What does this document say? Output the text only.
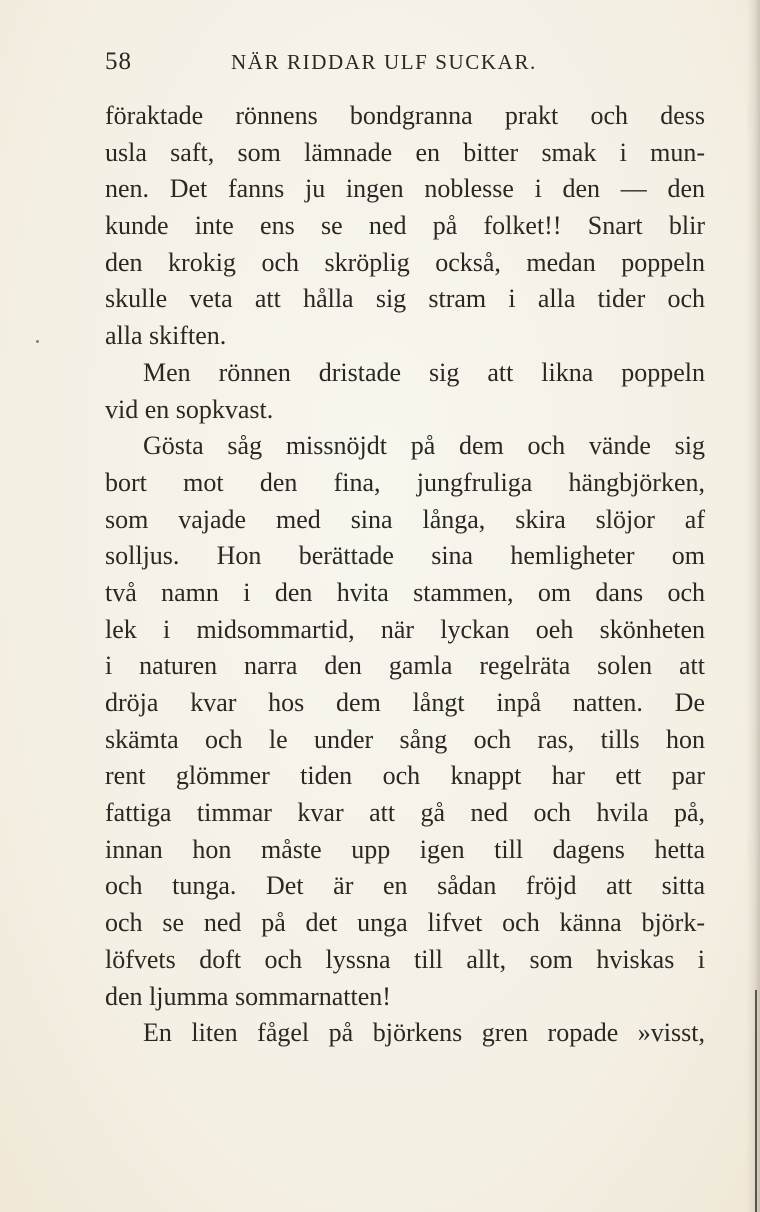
58	NÄR RIDDAR ULF SUCKAR.
föraktade rönnens bondgranna prakt och dess
usla saft, som lämnade en bitter smak i mun-
nen. Det fanns ju ingen noblesse i den — den
kunde inte ens se ned på folket!! Snart blir
den krokig och skröplig också, medan poppeln
skulle veta att hålla sig stram i alla tider och
alla skiften.
Men rönnen dristade sig att likna poppeln
vid en sopkvast.
Gösta såg missnöjdt på dem och vände sig
bort mot den fina, jungfruliga hängbjörken,
som vajade med sina långa, skira slöjor af
solljus. Hon berättade sina hemligheter om
två namn i den hvita stammen, om dans och
lek i midsommartid, när lyckan oeh skönheten
i naturen narra den gamla regelräta solen att
dröja kvar hos dem långt inpå natten. De
skämta och le under sång och ras, tills hon
rent glömmer tiden och knappt har ett par
fattiga timmar kvar att gå ned och hvila på,
innan hon måste upp igen till dagens hetta
och tunga. Det är en sådan fröjd att sitta
och se ned på det unga lifvet och känna björk-
löfvets doft och lyssna till allt, som hviskas i
den ljumma sommarnatten!
En liten fågel på björkens gren ropade »visst,
